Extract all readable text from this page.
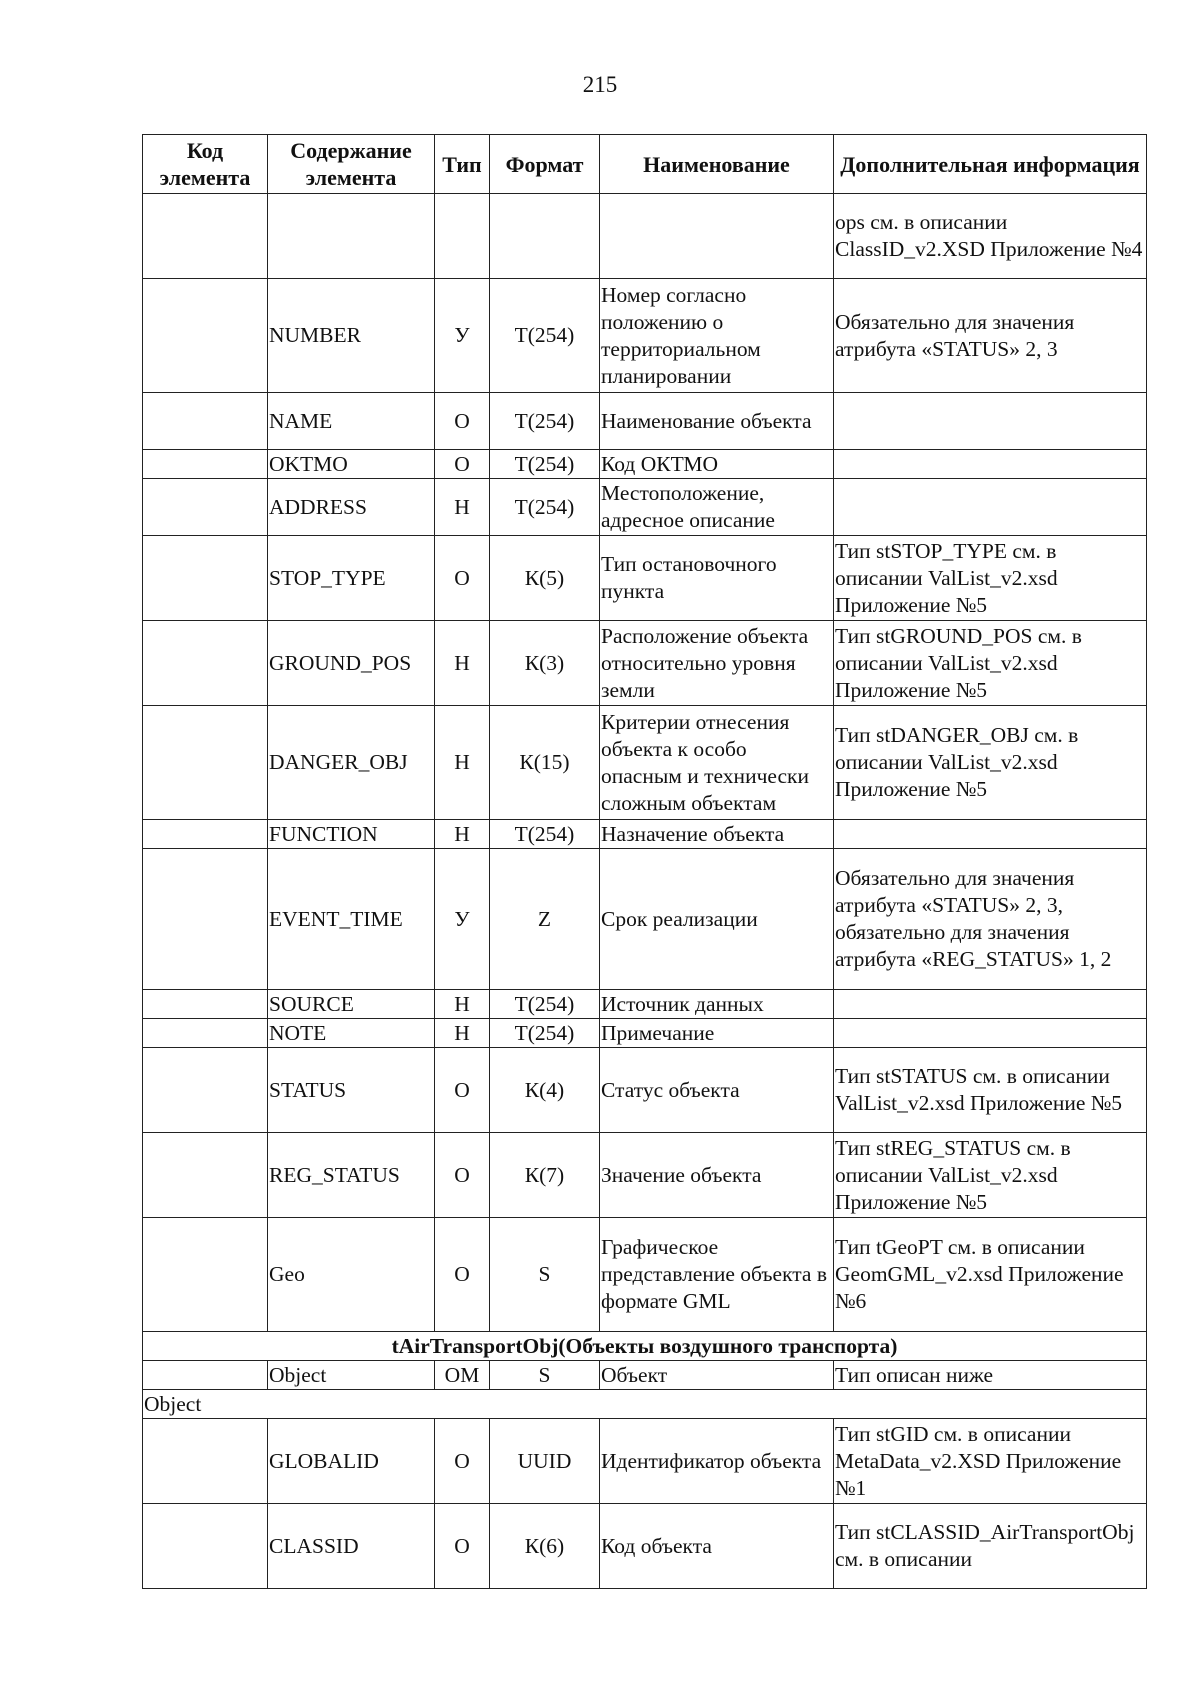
215
Код элемента	Содержание элемента	Тип	Формат	Наименование	Дополнительная информация
					ops см. в описании ClassID_v2.XSD Приложение №4
	NUMBER	У	T(254)	Номер согласно положению о территориальном планировании	Обязательно для значения атрибута «STATUS» 2, 3
	NAME	О	T(254)	Наименование объекта	
	OKTMO	О	T(254)	Код ОКТМО	
	ADDRESS	Н	T(254)	Местоположение, адресное описание	
	STOP_TYPE	О	К(5)	Тип остановочного пункта	Тип stSTOP_TYPE см. в описании ValList_v2.xsd Приложение №5
	GROUND_POS	Н	К(3)	Расположение объекта относительно уровня земли	Тип stGROUND_POS см. в описании ValList_v2.xsd Приложение №5
	DANGER_OBJ	Н	К(15)	Критерии отнесения объекта к особо опасным и технически сложным объектам	Тип stDANGER_OBJ см. в описании ValList_v2.xsd Приложение №5
	FUNCTION	Н	T(254)	Назначение объекта	
	EVENT_TIME	У	Z	Срок реализации	Обязательно для значения атрибута «STATUS» 2, 3, обязательно для значения атрибута «REG_STATUS» 1, 2
	SOURCE	Н	T(254)	Источник данных	
	NOTE	Н	T(254)	Примечание	
	STATUS	О	К(4)	Статус объекта	Тип stSTATUS см. в описании ValList_v2.xsd Приложение №5
	REG_STATUS	О	К(7)	Значение объекта	Тип stREG_STATUS см. в описании ValList_v2.xsd Приложение №5
	Geo	О	S	Графическое представление объекта в формате GML	Тип tGeoPT см. в описании GeomGML_v2.xsd Приложение №6
tAirTransportObj(Объекты воздушного транспорта)					
	Object	ОМ	S	Объект	Тип описан ниже
Object					
	GLOBALID	О	UUID	Идентификатор объекта	Тип stGID см. в описании MetaData_v2.XSD Приложение №1
	CLASSID	О	К(6)	Код объекта	Тип stCLASSID_AirTransportObj см. в описании
